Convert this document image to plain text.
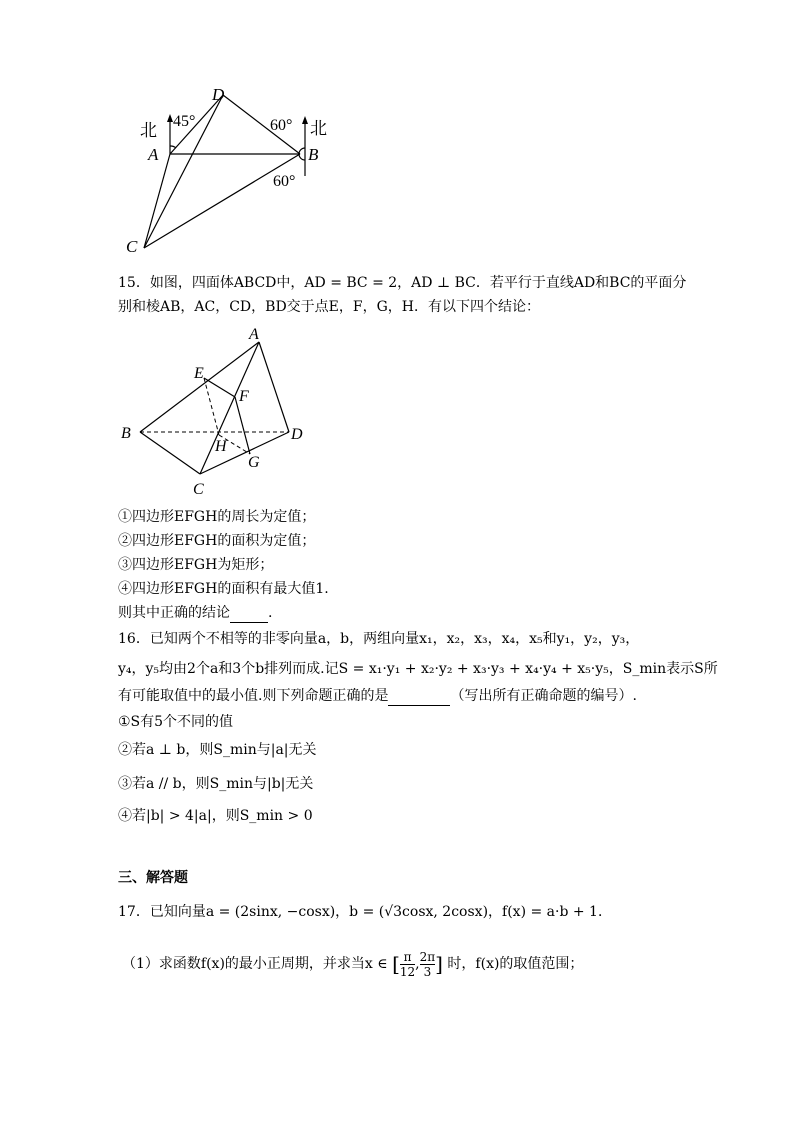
D
A	B
C
北	北
45°	60°
60°
15．如图，四面体ABCD中，AD = BC = 2，AD ⊥ BC．若平行于直线AD和BC的平面分
别和棱AB，AC，CD，BD交于点E，F，G，H．有以下四个结论：
A
B
C
D
E
F
G
H
①四边形EFGH的周长为定值；
②四边形EFGH的面积为定值；
③四边形EFGH为矩形；
④四边形EFGH的面积有最大值1.
则其中正确的结论	.
16．已知两个不相等的非零向量a，b，两组向量x₁，x₂，x₃，x₄，x₅和y₁，y₂，y₃，
y₄，y₅均由2个a和3个b排列而成.记S = x₁·y₁ + x₂·y₂ + x₃·y₃ + x₄·y₄ + x₅·y₅，S_min表示S所
有可能取值中的最小值.则下列命题正确的是	（写出所有正确命题的编号）.
①S有5个不同的值
②若a ⊥ b，则S_min与|a|无关
③若a // b，则S_min与|b|无关
④若|b| > 4|a|，则S_min > 0
三、解答题
17．已知向量a = (2sinx, −cosx)，b = (√3cosx, 2cosx)，f(x) = a·b + 1．
（1）求函数f(x)的最小正周期，并求当x ∈ [ $\frac{\pi}{12}$ , $\frac{2\pi}{3}$ ] 时，f(x)的取值范围；
